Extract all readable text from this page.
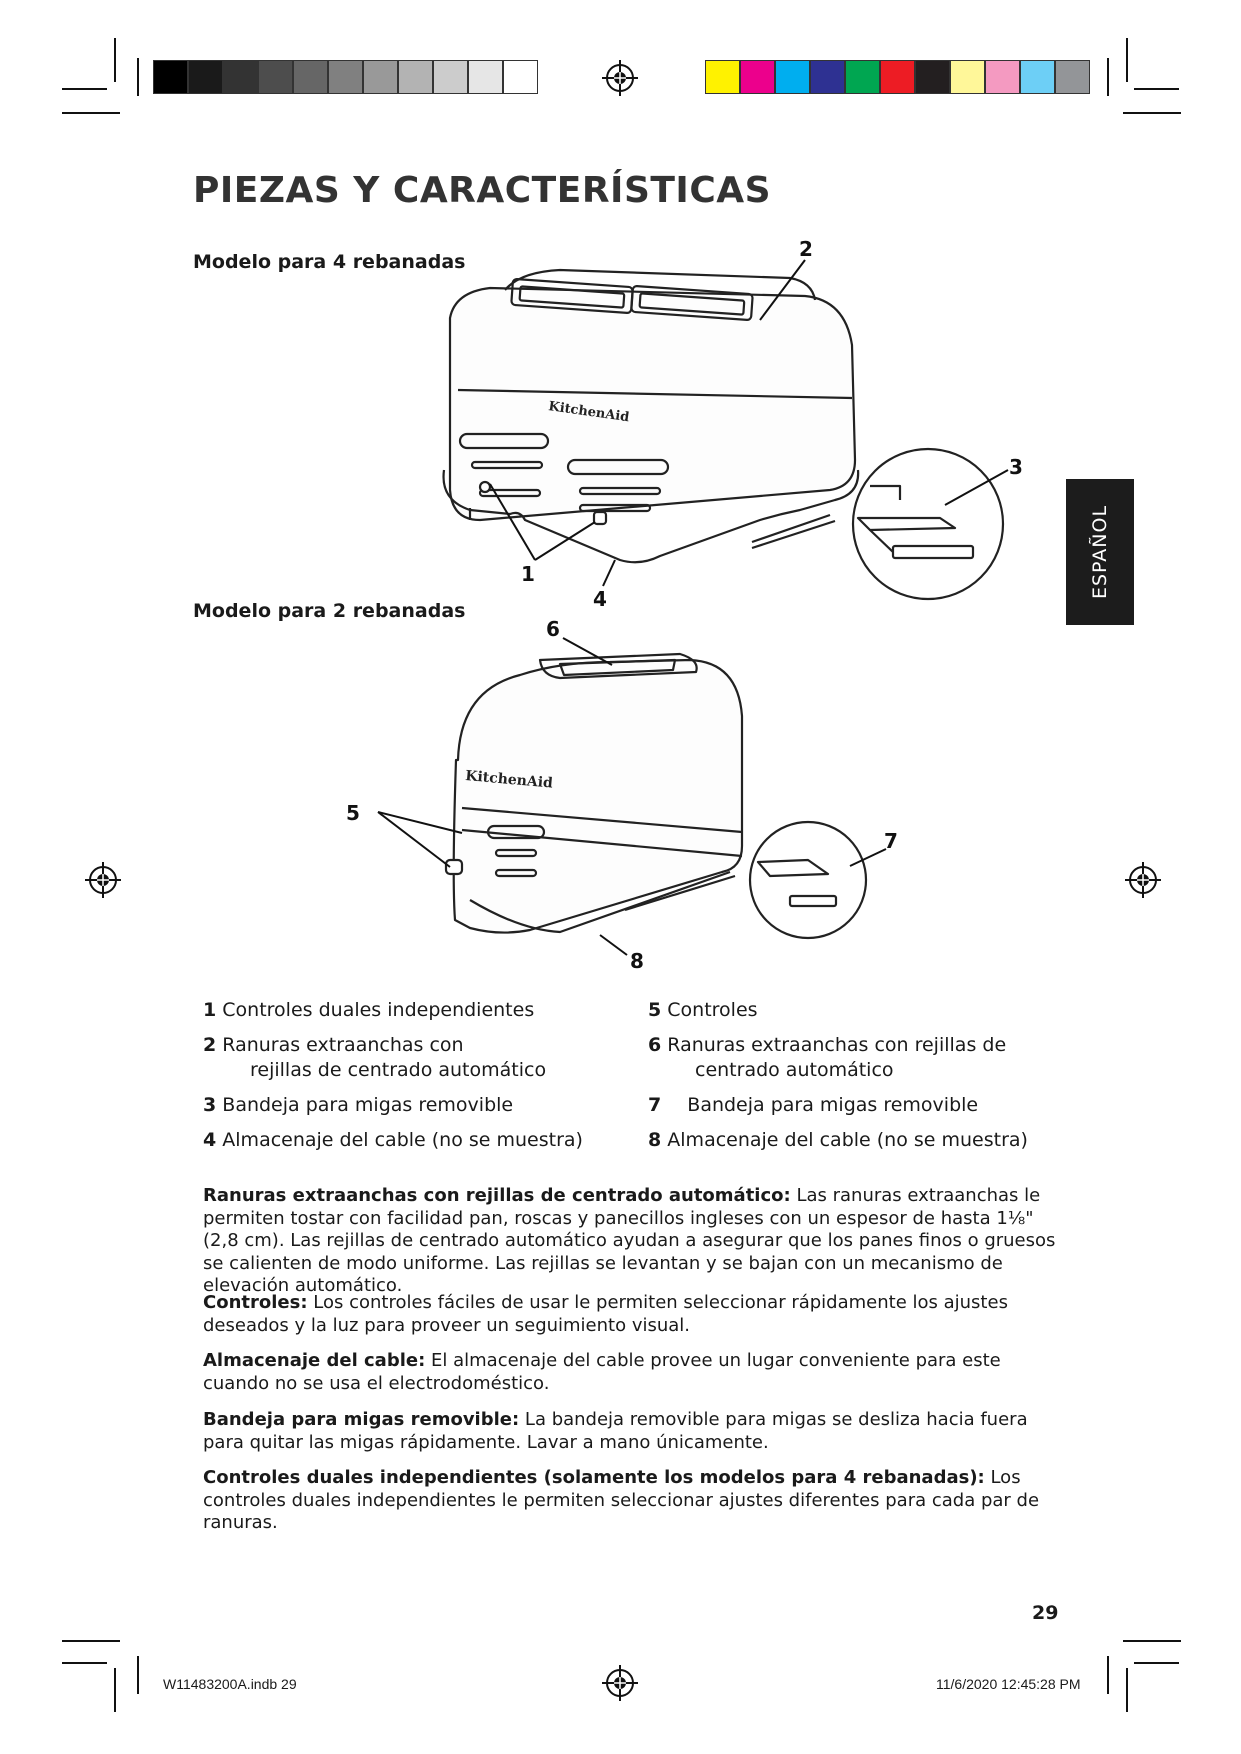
KitchenAid
KitchenAid
1
2
3
4
5
6
7
8
PIEZAS Y CARACTERÍSTICAS
Modelo para 4 rebanadas
Modelo para 2 rebanadas
ESPAÑOL
1 Controles duales independientes
2 Ranuras extraanchas con
rejillas de centrado automático
3 Bandeja para migas removible
4 Almacenaje del cable (no se muestra)
5 Controles
6 Ranuras extraanchas con rejillas de
centrado automático
7 Bandeja para migas removible
8 Almacenaje del cable (no se muestra)
Ranuras extraanchas con rejillas de centrado automático: Las ranuras extraanchas le permiten tostar con facilidad pan, roscas y panecillos ingleses con un espesor de hasta 1⅛" (2,8 cm). Las rejillas de centrado automático ayudan a asegurar que los panes finos o gruesos se calienten de modo uniforme. Las rejillas se levantan y se bajan con un mecanismo de elevación automático.
Controles: Los controles fáciles de usar le permiten seleccionar rápidamente los ajustes deseados y la luz para proveer un seguimiento visual.
Almacenaje del cable: El almacenaje del cable provee un lugar conveniente para este cuando no se usa el electrodoméstico.
Bandeja para migas removible: La bandeja removible para migas se desliza hacia fuera para quitar las migas rápidamente. Lavar a mano únicamente.
Controles duales independientes (solamente los modelos para 4 rebanadas): Los controles duales independientes le permiten seleccionar ajustes diferentes para cada par de ranuras.
29
W11483200A.indb 29	11/6/2020 12:45:28 PM
